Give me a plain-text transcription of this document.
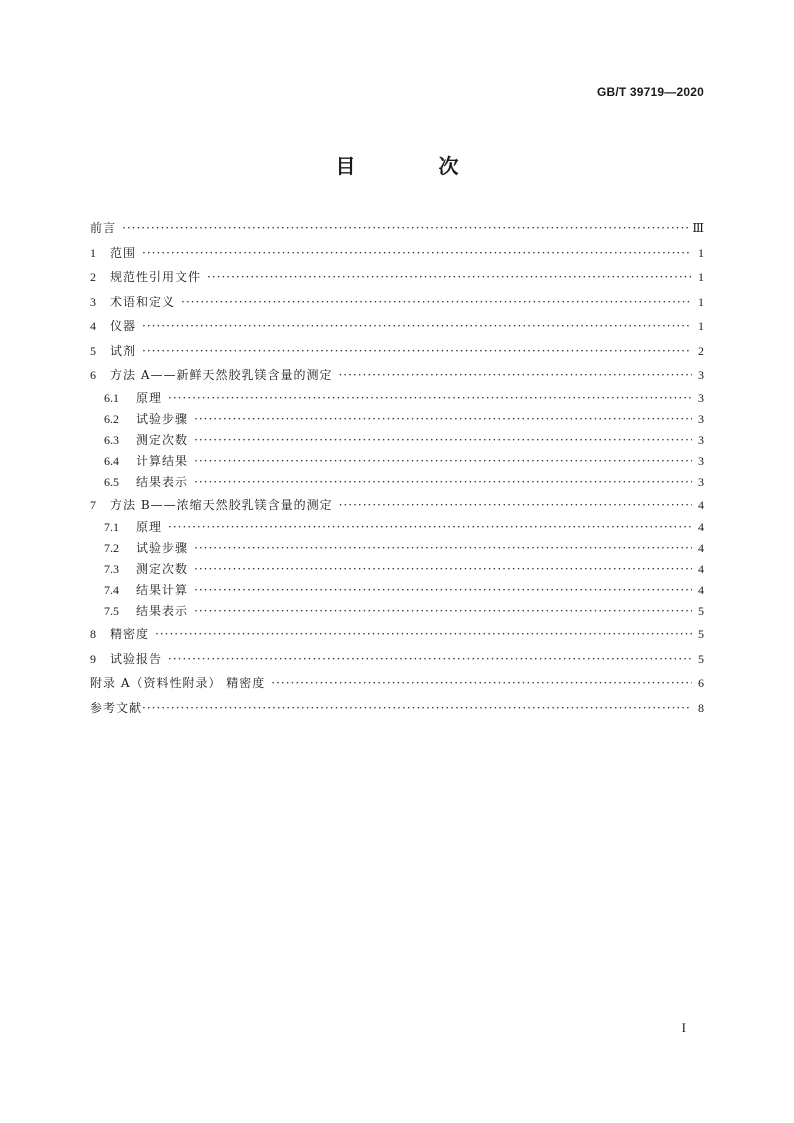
GB/T 39719—2020
目 次
前言 ·····	Ⅲ
1	范围 ·····	1
2	规范性引用文件 ·····	1
3	术语和定义 ·····	1
4	仪器 ·····	1
5	试剂 ·····	2
6	方法 A——新鲜天然胶乳镁含量的测定 ·····	3
6.1	原理 ·····	3
6.2	试验步骤 ·····	3
6.3	测定次数 ·····	3
6.4	计算结果 ·····	3
6.5	结果表示 ·····	3
7	方法 B——浓缩天然胶乳镁含量的测定 ·····	4
7.1	原理 ·····	4
7.2	试验步骤 ·····	4
7.3	测定次数 ·····	4
7.4	结果计算 ·····	4
7.5	结果表示 ·····	5
8	精密度 ·····	5
9	试验报告 ·····	5
附录 A（资料性附录） 精密度 ·····	6
参考文献 ·····	8
I
